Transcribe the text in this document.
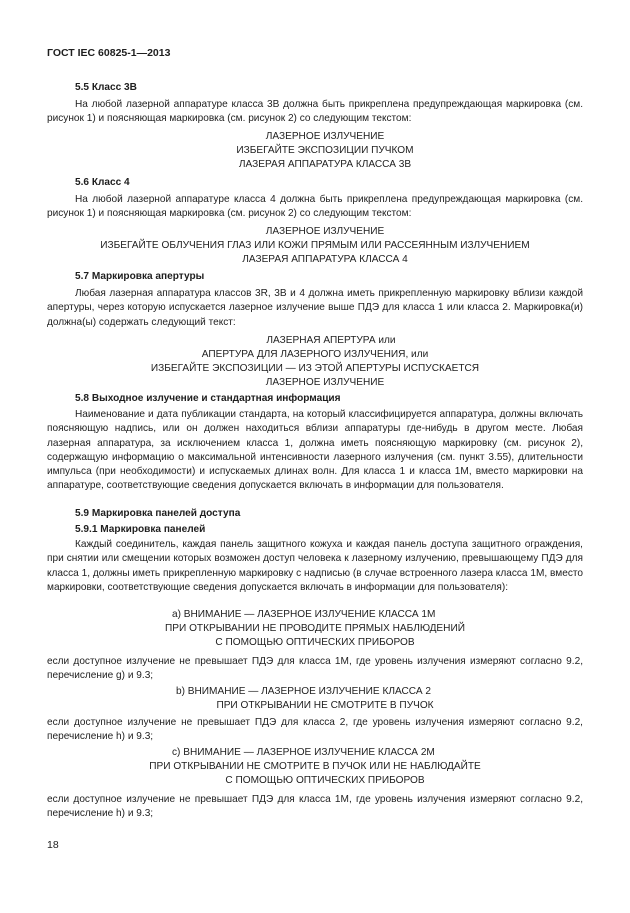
ГОСТ IEC 60825-1—2013
5.5 Класс 3В
На любой лазерной аппаратуре класса 3В должна быть прикреплена предупреждающая маркировка (см. рисунок 1) и поясняющая маркировка (см. рисунок 2) со следующим текстом:
ЛАЗЕРНОЕ ИЗЛУЧЕНИЕ
ИЗБЕГАЙТЕ ЭКСПОЗИЦИИ ПУЧКОМ
ЛАЗЕРАЯ АППАРАТУРА КЛАССА 3В
5.6 Класс 4
На любой лазерной аппаратуре класса 4 должна быть прикреплена предупреждающая маркировка (см. рисунок 1) и поясняющая маркировка (см. рисунок 2) со следующим текстом:
ЛАЗЕРНОЕ ИЗЛУЧЕНИЕ
ИЗБЕГАЙТЕ ОБЛУЧЕНИЯ ГЛАЗ ИЛИ КОЖИ ПРЯМЫМ ИЛИ РАССЕЯННЫМ ИЗЛУЧЕНИЕМ
ЛАЗЕРАЯ АППАРАТУРА КЛАССА 4
5.7 Маркировка апертуры
Любая лазерная аппаратура классов 3R, 3В и 4 должна иметь прикрепленную маркировку вблизи каждой апертуры, через которую испускается лазерное излучение выше ПДЭ для класса 1 или класса 2. Маркировка(и) должна(ы) содержать следующий текст:
ЛАЗЕРНАЯ АПЕРТУРА или
АПЕРТУРА ДЛЯ ЛАЗЕРНОГО ИЗЛУЧЕНИЯ, или
ИЗБЕГАЙТЕ ЭКСПОЗИЦИИ — ИЗ ЭТОЙ АПЕРТУРЫ ИСПУСКАЕТСЯ
ЛАЗЕРНОЕ ИЗЛУЧЕНИЕ
5.8 Выходное излучение и стандартная информация
Наименование и дата публикации стандарта, на который классифицируется аппаратура, должны включать поясняющую надпись, или он должен находиться вблизи аппаратуры где-нибудь в другом месте. Любая лазерная аппаратура, за исключением класса 1, должна иметь поясняющую маркировку (см. рисунок 2), содержащую информацию о максимальной интенсивности лазерного излучения (см. пункт 3.55), длительности импульса (при необходимости) и испускаемых длинах волн. Для класса 1 и класса 1М, вместо маркировки на аппаратуре, соответствующие сведения допускается включать в информации для пользователя.
5.9 Маркировка панелей доступа
5.9.1 Маркировка панелей
Каждый соединитель, каждая панель защитного кожуха и каждая панель доступа защитного ограждения, при снятии или смещении которых возможен доступ человека к лазерному излучению, превышающему ПДЭ для класса 1, должны иметь прикрепленную маркировку с надписью (в случае встроенного лазера класса 1М, вместо маркировки, соответствующие сведения допускается включать в информации для пользователя):
a) ВНИМАНИЕ — ЛАЗЕРНОЕ ИЗЛУЧЕНИЕ КЛАССА 1М
ПРИ ОТКРЫВАНИИ НЕ ПРОВОДИТЕ ПРЯМЫХ НАБЛЮДЕНИЙ
С ПОМОЩЬЮ ОПТИЧЕСКИХ ПРИБОРОВ
если доступное излучение не превышает ПДЭ для класса 1М, где уровень излучения измеряют согласно 9.2, перечисление g) и 9.3;
b) ВНИМАНИЕ — ЛАЗЕРНОЕ ИЗЛУЧЕНИЕ КЛАССА 2
ПРИ ОТКРЫВАНИИ НЕ СМОТРИТЕ В ПУЧОК
если доступное излучение не превышает ПДЭ для класса 2, где уровень излучения измеряют согласно 9.2, перечисление h) и 9.3;
c) ВНИМАНИЕ — ЛАЗЕРНОЕ ИЗЛУЧЕНИЕ КЛАССА 2М
ПРИ ОТКРЫВАНИИ НЕ СМОТРИТЕ В ПУЧОК ИЛИ НЕ НАБЛЮДАЙТЕ
С ПОМОЩЬЮ ОПТИЧЕСКИХ ПРИБОРОВ
если доступное излучение не превышает ПДЭ для класса 1М, где уровень излучения измеряют согласно 9.2, перечисление h) и 9.3;
18
